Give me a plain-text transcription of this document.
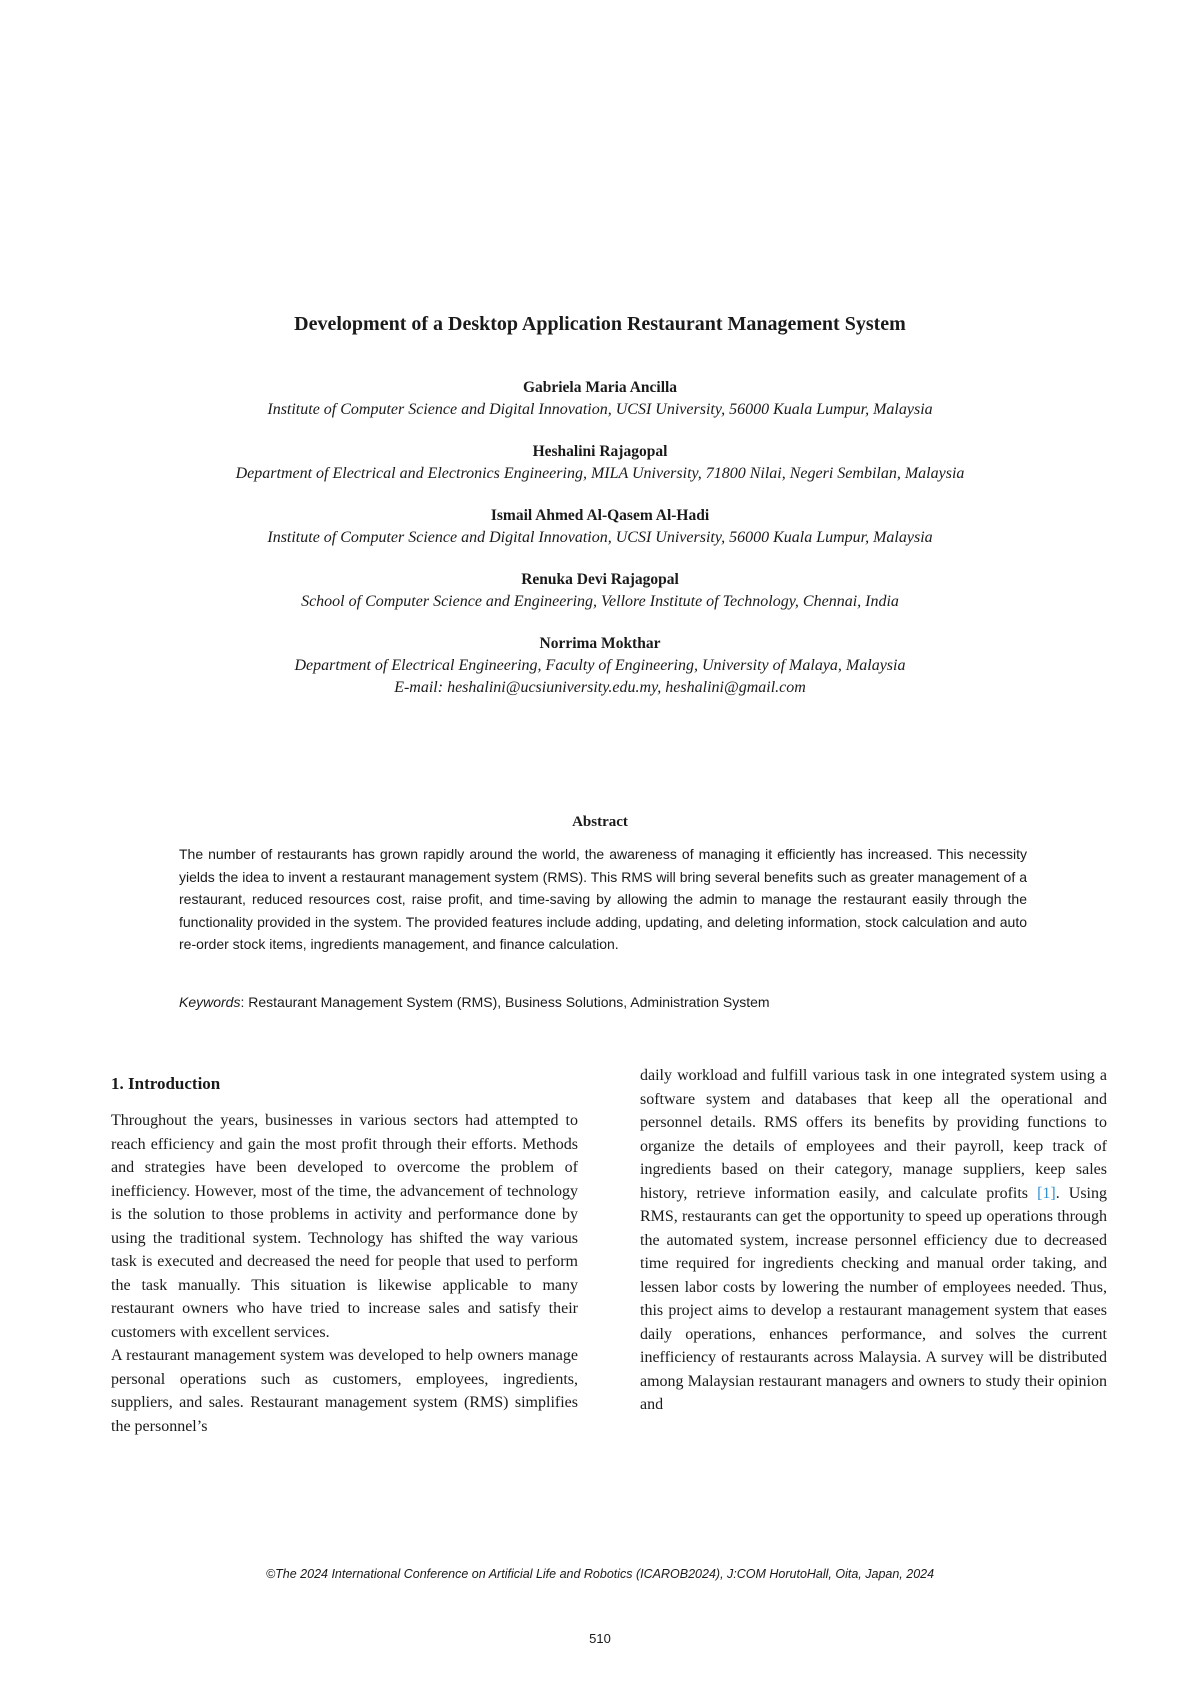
Development of a Desktop Application Restaurant Management System
Gabriela Maria Ancilla
Institute of Computer Science and Digital Innovation, UCSI University, 56000 Kuala Lumpur, Malaysia
Heshalini Rajagopal
Department of Electrical and Electronics Engineering, MILA University, 71800 Nilai, Negeri Sembilan, Malaysia
Ismail Ahmed Al-Qasem Al-Hadi
Institute of Computer Science and Digital Innovation, UCSI University, 56000 Kuala Lumpur, Malaysia
Renuka Devi Rajagopal
School of Computer Science and Engineering, Vellore Institute of Technology, Chennai, India
Norrima Mokthar
Department of Electrical Engineering, Faculty of Engineering, University of Malaya, Malaysia
E-mail: heshalini@ucsiuniversity.edu.my, heshalini@gmail.com
Abstract
The number of restaurants has grown rapidly around the world, the awareness of managing it efficiently has increased. This necessity yields the idea to invent a restaurant management system (RMS). This RMS will bring several benefits such as greater management of a restaurant, reduced resources cost, raise profit, and time-saving by allowing the admin to manage the restaurant easily through the functionality provided in the system. The provided features include adding, updating, and deleting information, stock calculation and auto re-order stock items, ingredients management, and finance calculation.
Keywords: Restaurant Management System (RMS), Business Solutions, Administration System
1. Introduction

Throughout the years, businesses in various sectors had attempted to reach efficiency and gain the most profit through their efforts. Methods and strategies have been developed to overcome the problem of inefficiency. However, most of the time, the advancement of technology is the solution to those problems in activity and performance done by using the traditional system. Technology has shifted the way various task is executed and decreased the need for people that used to perform the task manually. This situation is likewise applicable to many restaurant owners who have tried to increase sales and satisfy their customers with excellent services.

A restaurant management system was developed to help owners manage personal operations such as customers, employees, ingredients, suppliers, and sales. Restaurant management system (RMS) simplifies the personnel’s

daily workload and fulfill various task in one integrated system using a software system and databases that keep all the operational and personnel details. RMS offers its benefits by providing functions to organize the details of employees and their payroll, keep track of ingredients based on their category, manage suppliers, keep sales history, retrieve information easily, and calculate profits [1]. Using RMS, restaurants can get the opportunity to speed up operations through the automated system, increase personnel efficiency due to decreased time required for ingredients checking and manual order taking, and lessen labor costs by lowering the number of employees needed. Thus, this project aims to develop a restaurant management system that eases daily operations, enhances performance, and solves the current inefficiency of restaurants across Malaysia. A survey will be distributed among Malaysian restaurant managers and owners to study their opinion and

©The 2024 International Conference on Artificial Life and Robotics (ICAROB2024), J:COM HorutoHall, Oita, Japan, 2024
510
